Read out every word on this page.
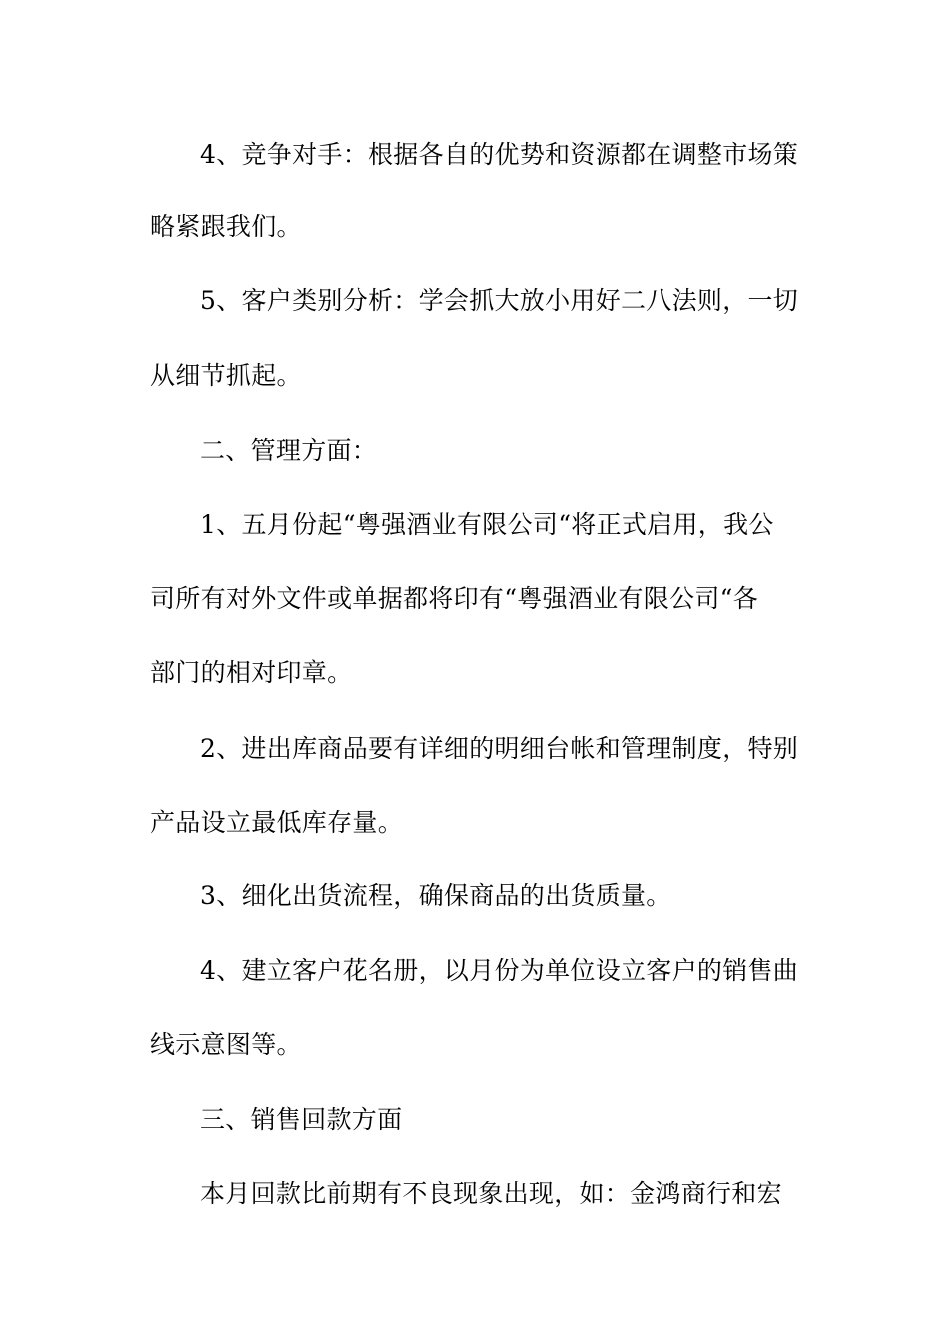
4、竞争对手：根据各自的优势和资源都在调整市场策
略紧跟我们。
5、客户类别分析：学会抓大放小用好二八法则，一切
从细节抓起。
二、管理方面：
1、五月份起“粤强酒业有限公司“将正式启用，我公
司所有对外文件或单据都将印有“粤强酒业有限公司“各
部门的相对印章。
2、进出库商品要有详细的明细台帐和管理制度，特别
产品设立最低库存量。
3、细化出货流程，确保商品的出货质量。
4、建立客户花名册，以月份为单位设立客户的销售曲
线示意图等。
三、销售回款方面
本月回款比前期有不良现象出现，如：金鸿商行和宏
